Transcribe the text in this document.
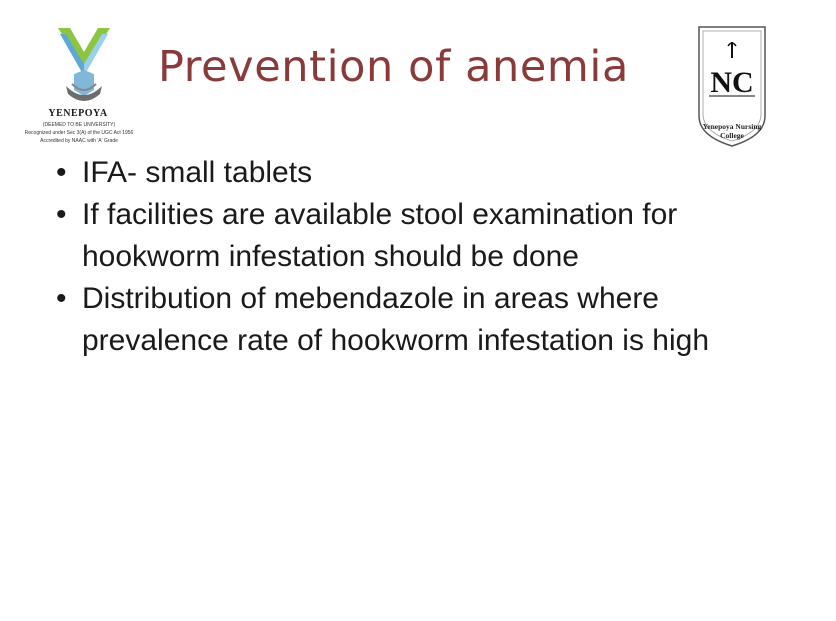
YENEPOYA
(DEEMED TO BE UNIVERSITY)
Recognized under Sec 3(A) of the UGC Act 1956
Accredited by NAAC with 'A' Grade
Prevention of anemia	NC
Yenepoya Nursing College
• IFA- small tablets
• If facilities are available stool examination for hookworm infestation should be done
• Distribution of mebendazole in areas where prevalence rate of hookworm infestation is high
